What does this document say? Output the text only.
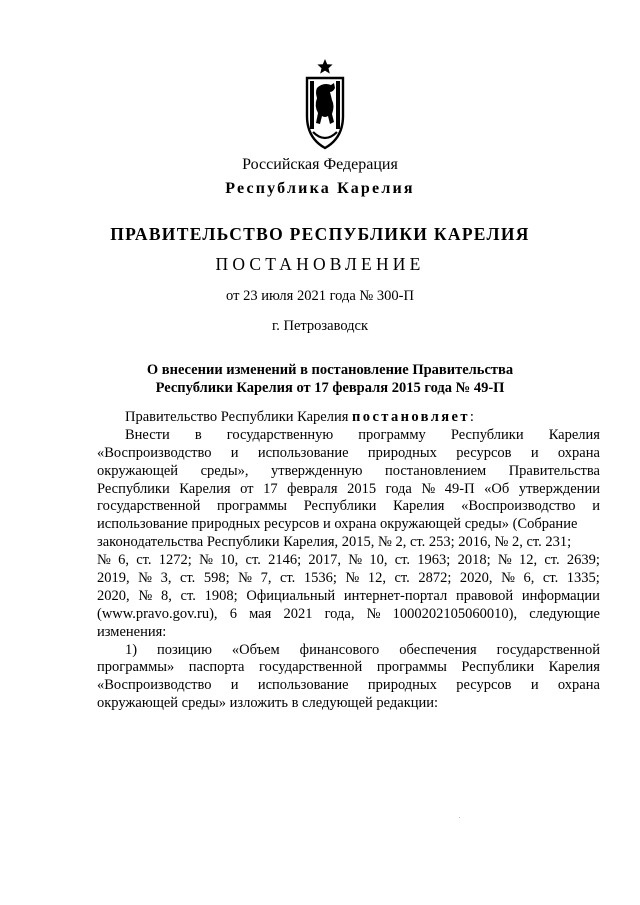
Российская Федерация
Республика Карелия
ПРАВИТЕЛЬСТВО РЕСПУБЛИКИ КАРЕЛИЯ
ПОСТАНОВЛЕНИЕ
от 23 июля 2021 года № 300-П
г. Петрозаводск
О внесении изменений в постановление Правительства
Республики Карелия от 17 февраля 2015 года № 49-П
Правительство Республики Карелия постановляет:
Внести в государственную программу Республики Карелия
«Воспроизводство и использование природных ресурсов и охрана
окружающей среды», утвержденную постановлением Правительства
Республики Карелия от 17 февраля 2015 года № 49-П «Об утверждении
государственной программы Республики Карелия «Воспроизводство и
использование природных ресурсов и охрана окружающей среды» (Собрание
законодательства Республики Карелия, 2015, № 2, ст. 253; 2016, № 2, ст. 231;
№ 6, ст. 1272; № 10, ст. 2146; 2017, № 10, ст. 1963; 2018; № 12, ст. 2639;
2019, № 3, ст. 598; № 7, ст. 1536; № 12, ст. 2872; 2020, № 6, ст. 1335;
2020, № 8, ст. 1908; Официальный интернет-портал правовой информации
(www.pravo.gov.ru), 6 мая 2021 года, № 1000202105060010), следующие
изменения:
1) позицию «Объем финансового обеспечения государственной
программы» паспорта государственной программы Республики Карелия
«Воспроизводство и использование природных ресурсов и охрана
окружающей среды» изложить в следующей редакции:
